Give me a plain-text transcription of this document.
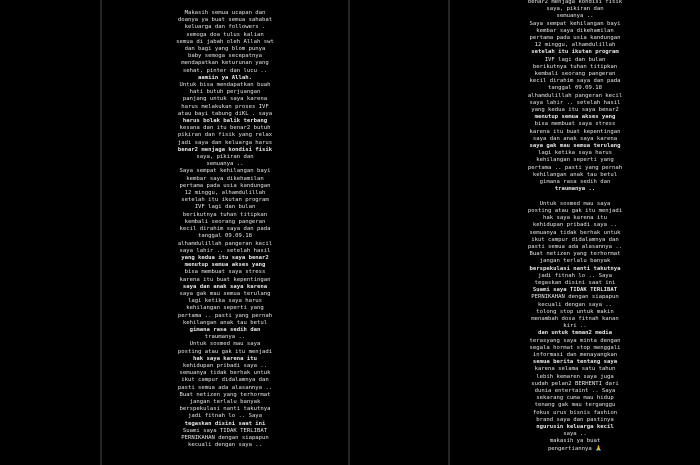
Makasih semua ucapan dan
doanya ya buat semua sahabat
keluarga dan followers .
semoga doa tulus kalian
semua di jabah oleh Allah swt
dan bagi yang blom punya
baby semoga secepatnya
mendapatkan keturunan yang
sehat, pinter dan lucu ..
aamiin ya Allah.
Untuk bisa mendapatkan buah
hati butuh perjuangan
panjang untuk saya karena
harus melakukan proses IVF
atau bayi tabung diKL . saya
harus bolak balik terbang
kesana dan itu benar2 butuh
pikiran dan fisik yang relax
jadi saya dan keluarga harus
benar2 menjaga kondisi fisik
saya, pikiran dan
semuanya ..
Saya sempat kehilangan bayi
kembar saya dikehamilan
pertama pada usia kandungan
12 minggu, alhamdulillah
setelah itu ikutan program
IVF lagi dan bulan
berikutnya tuhan titipkan
kembali seorang pangeran
kecil dirahim saya dan pada
tanggal 09.09.18
alhamdulillah pangeran kecil
saya lahir .. setelah hasil
yang kedua itu saya benar2
menutup semua akses yang
bisa membuat saya stress
karena itu buat kepentingan
saya dan anak saya karena
saya gak mau semua terulang
lagi ketika saya harus
kehilangan seperti yang
pertama .. pasti yang pernah
kehilangan anak tau betul
gimana rasa sedih dan
traumanya ..
Untuk sosmed mau saya
posting atau gak itu menjadi
hak saya karena itu
kehidupan pribadi saya ..
semuanya tidak berhak untuk
ikut campur didalamnya dan
pasti semua ada alasannya ..
Buat netizen yang terhormat
jangan terlalu banyak
berspekulasi nanti takutnya
jadi fitnah lo .. Saya
tegaskan disini saat ini
Suami saya TIDAK TERLIBAT
PERNIKAHAN dengan siapapun
kecuali dengan saya ..
benar2 menjaga kondisi fisik
saya, pikiran dan
semuanya ..
Saya sempat kehilangan bayi
kembar saya dikehamilan
pertama pada usia kandungan
12 minggu, alhamdulillah
setelah itu ikutan program
IVF lagi dan bulan
berikutnya tuhan titipkan
kembali seorang pangeran
kecil dirahim saya dan pada
tanggal 09.09.18
alhamdulillah pangeran kecil
saya lahir .. setelah hasil
yang kedua itu saya benar2
menutup semua akses yang
bisa membuat saya stress
karena itu buat kepentingan
saya dan anak saya karena
saya gak mau semua terulang
lagi ketika saya harus
kehilangan seperti yang
pertama .. pasti yang pernah
kehilangan anak tau betul
gimana rasa sedih dan
traumanya ..

Untuk sosmed mau saya
posting atau gak itu menjadi
hak saya karena itu
kehidupan pribadi saya ..
semuanya tidak berhak untuk
ikut campur didalamnya dan
pasti semua ada alasannya ..
Buat netizen yang terhormat
jangan terlalu banyak
berspekulasi nanti takutnya
jadi fitnah lo .. Saya
tegaskan disini saat ini
Suami saya TIDAK TERLIBAT
PERNIKAHAN dengan siapapun
kecuali dengan saya ..
tolong stop untuk makin
menambah dosa fitnah kanan
kiri ..
dan untuk teman2 media
terasyang saya minta dengan
segala hormat stop menggali
informasi dan menayangkan
semua berita tentang saya
karena selama satu tahun
lebih kemaren saya juga
sudah pelan2 BERHENTI dari
dunia entertaint .. Saya
sekarang cuma mau hidup
tenang gak mau terganggu
fokus urus bisnis fashion
brand saya dan pastinya
ngurusin keluarga kecil
saya ..
makasih ya buat
pengertiannya 🙏
